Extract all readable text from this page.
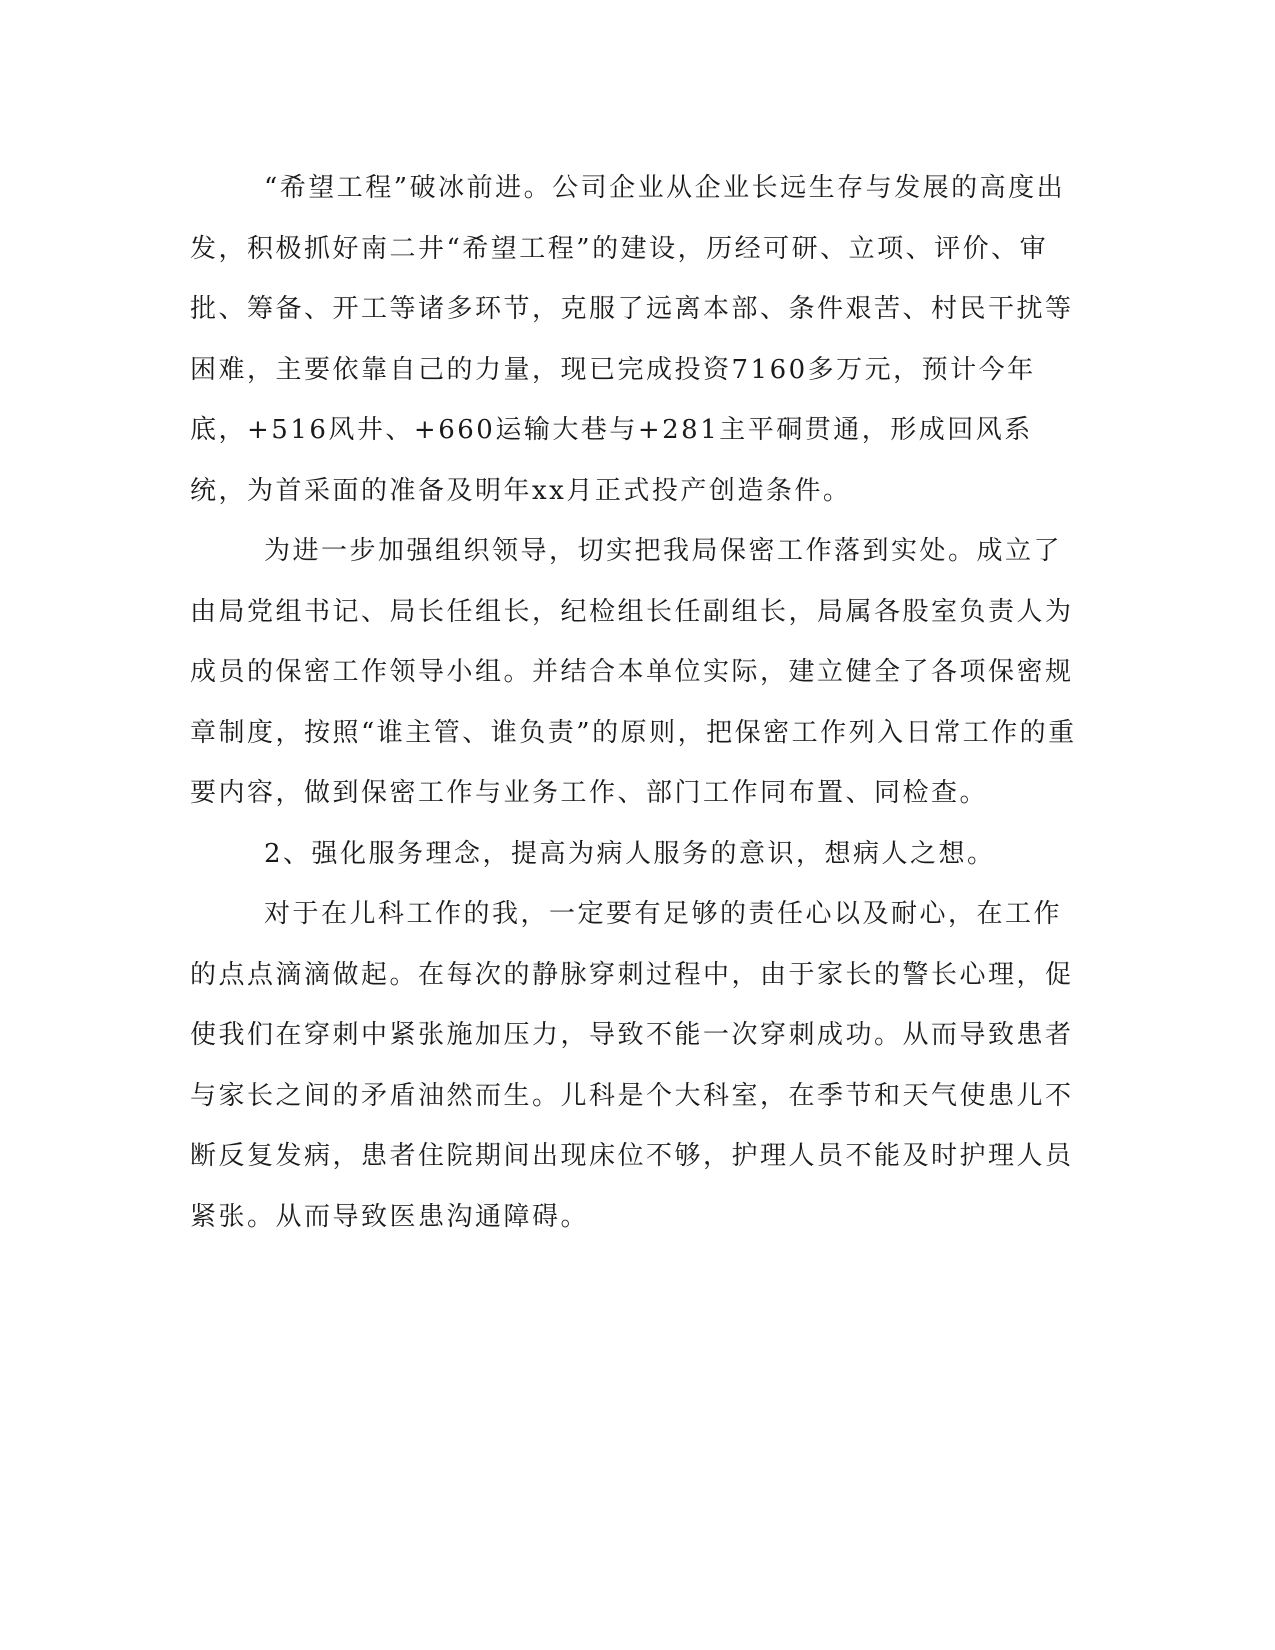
“希望工程”破冰前进。公司企业从企业长远生存与发展的高度出发，积极抓好南二井“希望工程”的建设，历经可研、立项、评价、审批、筹备、开工等诸多环节，克服了远离本部、条件艰苦、村民干扰等困难，主要依靠自己的力量，现已完成投资7160多万元，预计今年底，+516风井、+660运输大巷与+281主平硐贯通，形成回风系统，为首采面的准备及明年xx月正式投产创造条件。

为进一步加强组织领导，切实把我局保密工作落到实处。成立了由局党组书记、局长任组长，纪检组长任副组长，局属各股室负责人为成员的保密工作领导小组。并结合本单位实际，建立健全了各项保密规章制度，按照“谁主管、谁负责”的原则，把保密工作列入日常工作的重要内容，做到保密工作与业务工作、部门工作同布置、同检查。

2、强化服务理念，提高为病人服务的意识，想病人之想。

对于在儿科工作的我，一定要有足够的责任心以及耐心，在工作的点点滴滴做起。在每次的静脉穿刺过程中，由于家长的警长心理，促使我们在穿刺中紧张施加压力，导致不能一次穿刺成功。从而导致患者与家长之间的矛盾油然而生。儿科是个大科室，在季节和天气使患儿不断反复发病，患者住院期间出现床位不够，护理人员不能及时护理人员紧张。从而导致医患沟通障碍。
